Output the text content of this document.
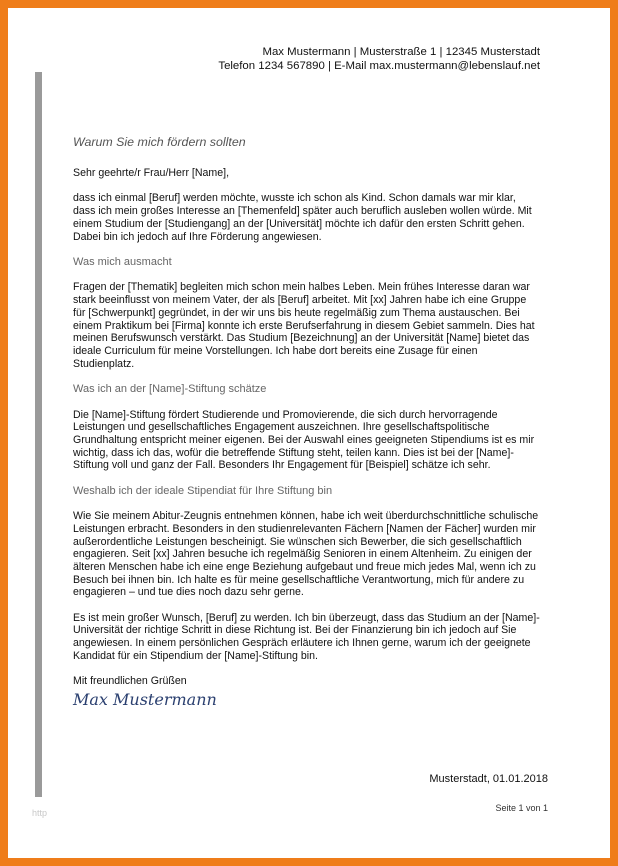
Max Mustermann | Musterstraße 1 | 12345 Musterstadt
Telefon 1234 567890 | E-Mail max.mustermann@lebenslauf.net
Warum Sie mich fördern sollten
Sehr geehrte/r Frau/Herr [Name],

dass ich einmal [Beruf] werden möchte, wusste ich schon als Kind. Schon damals war mir klar, dass ich mein großes Interesse an [Themenfeld] später auch beruflich ausleben wollen würde. Mit einem Studium der [Studiengang] an der [Universität] möchte ich dafür den ersten Schritt gehen. Dabei bin ich jedoch auf Ihre Förderung angewiesen.

Was mich ausmacht

Fragen der [Thematik] begleiten mich schon mein halbes Leben. Mein frühes Interesse daran war stark beeinflusst von meinem Vater, der als [Beruf] arbeitet. Mit [xx] Jahren habe ich eine Gruppe für [Schwerpunkt] gegründet, in der wir uns bis heute regelmäßig zum Thema austauschen. Bei einem Praktikum bei [Firma] konnte ich erste Berufserfahrung in diesem Gebiet sammeln. Dies hat meinen Berufswunsch verstärkt. Das Studium [Bezeichnung] an der Universität [Name] bietet das ideale Curriculum für meine Vorstellungen. Ich habe dort bereits eine Zusage für einen Studienplatz.

Was ich an der [Name]-Stiftung schätze

Die [Name]-Stiftung fördert Studierende und Promovierende, die sich durch hervorragende Leistungen und gesellschaftliches Engagement auszeichnen. Ihre gesellschaftspolitische Grundhaltung entspricht meiner eigenen. Bei der Auswahl eines geeigneten Stipendiums ist es mir wichtig, dass ich das, wofür die betreffende Stiftung steht, teilen kann. Dies ist bei der [Name]-Stiftung voll und ganz der Fall. Besonders Ihr Engagement für [Beispiel] schätze ich sehr.

Weshalb ich der ideale Stipendiat für Ihre Stiftung bin

Wie Sie meinem Abitur-Zeugnis entnehmen können, habe ich weit überdurchschnittliche schulische Leistungen erbracht. Besonders in den studienrelevanten Fächern [Namen der Fächer] wurden mir außerordentliche Leistungen bescheinigt. Sie wünschen sich Bewerber, die sich gesellschaftlich engagieren. Seit [xx] Jahren besuche ich regelmäßig Senioren in einem Altenheim. Zu einigen der älteren Menschen habe ich eine enge Beziehung aufgebaut und freue mich jedes Mal, wenn ich zu Besuch bei ihnen bin. Ich halte es für meine gesellschaftliche Verantwortung, mich für andere zu engagieren – und tue dies noch dazu sehr gerne.

Es ist mein großer Wunsch, [Beruf] zu werden. Ich bin überzeugt, dass das Studium an der [Name]-Universität der richtige Schritt in diese Richtung ist. Bei der Finanzierung bin ich jedoch auf Sie angewiesen. In einem persönlichen Gespräch erläutere ich Ihnen gerne, warum ich der geeignete Kandidat für ein Stipendium der [Name]-Stiftung bin.

Mit freundlichen Grüßen
Max Mustermann
Musterstadt, 01.01.2018
Seite 1 von 1
http
